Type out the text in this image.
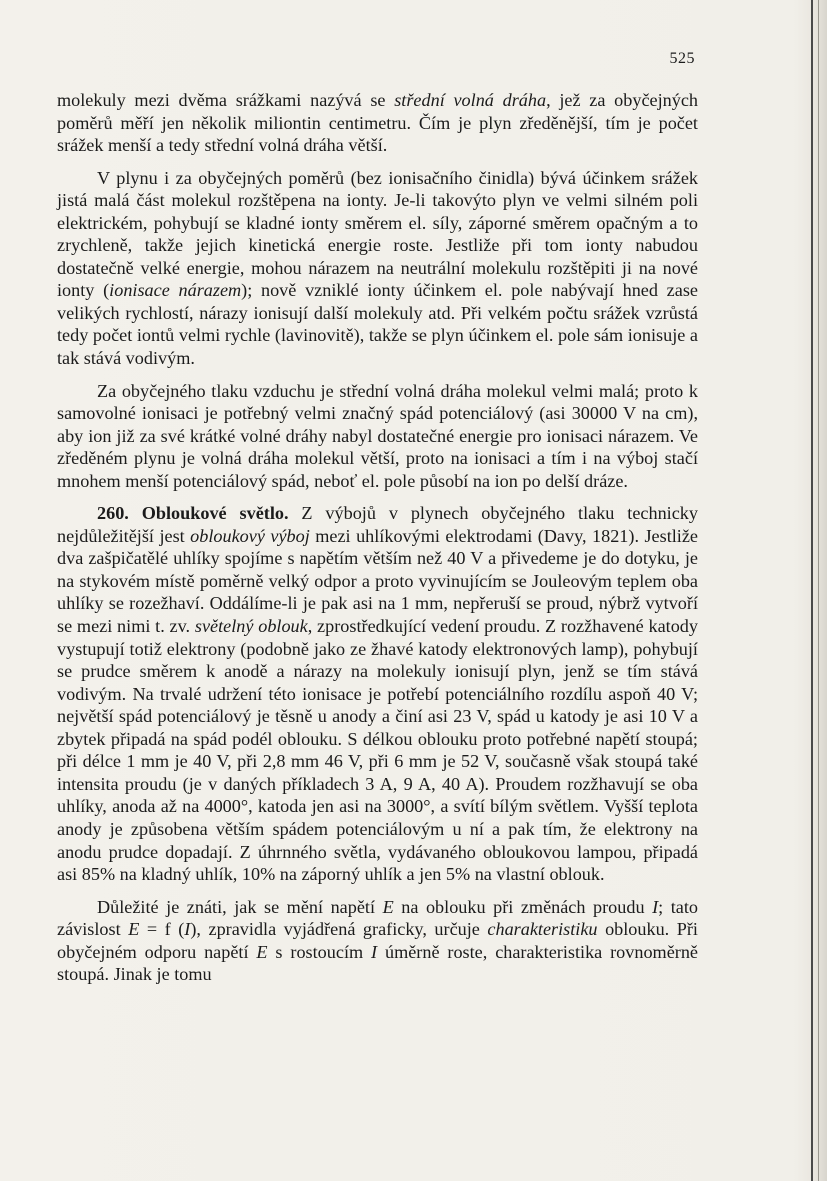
525

molekuly mezi dvěma srážkami nazývá se střední volná dráha, jež za obyčejných poměrů měří jen několik miliontin centimetru. Čím je plyn zředěnější, tím je počet srážek menší a tedy střední volná dráha větší.

V plynu i za obyčejných poměrů (bez ionisačního činidla) bývá účinkem srážek jistá malá část molekul rozštěpena na ionty. Je-li takovýto plyn ve velmi silném poli elektrickém, pohybují se kladné ionty směrem el. síly, záporné směrem opačným a to zrychleně, takže jejich kinetická energie roste. Jestliže při tom ionty nabudou dostatečně velké energie, mohou nárazem na neutrální molekulu rozštěpiti ji na nové ionty (ionisace nárazem); nově vzniklé ionty účinkem el. pole nabývají hned zase velikých rychlostí, nárazy ionisují další molekuly atd. Při velkém počtu srážek vzrůstá tedy počet iontů velmi rychle (lavinovitě), takže se plyn účinkem el. pole sám ionisuje a tak stává vodivým.

Za obyčejného tlaku vzduchu je střední volná dráha molekul velmi malá; proto k samovolné ionisaci je potřebný velmi značný spád potenciálový (asi 30000 V na cm), aby ion již za své krátké volné dráhy nabyl dostatečné energie pro ionisaci nárazem. Ve zředěném plynu je volná dráha molekul větší, proto na ionisaci a tím i na výboj stačí mnohem menší potenciálový spád, neboť el. pole působí na ion po delší dráze.

260. Obloukové světlo. Z výbojů v plynech obyčejného tlaku technicky nejdůležitější jest obloukový výboj mezi uhlíkovými elektrodami (Davy, 1821). Jestliže dva zašpičatělé uhlíky spojíme s napětím větším než 40 V a přivedeme je do dotyku, je na stykovém místě poměrně velký odpor a proto vyvinujícím se Jouleovým teplem oba uhlíky se rozežhaví. Oddálíme-li je pak asi na 1 mm, nepřeruší se proud, nýbrž vytvoří se mezi nimi t. zv. světelný oblouk, zprostředkující vedení proudu. Z rozžhavené katody vystupují totiž elektrony (podobně jako ze žhavé katody elektronových lamp), pohybují se prudce směrem k anodě a nárazy na molekuly ionisují plyn, jenž se tím stává vodivým. Na trvalé udržení této ionisace je potřebí potenciálního rozdílu aspoň 40 V; největší spád potenciálový je těsně u anody a činí asi 23 V, spád u katody je asi 10 V a zbytek připadá na spád podél oblouku. S délkou oblouku proto potřebné napětí stoupá; při délce 1 mm je 40 V, při 2,8 mm 46 V, při 6 mm je 52 V, současně však stoupá také intensita proudu (je v daných příkladech 3 A, 9 A, 40 A). Proudem rozžhavují se oba uhlíky, anoda až na 4000°, katoda jen asi na 3000°, a svítí bílým světlem. Vyšší teplota anody je způsobena větším spádem potenciálovým u ní a pak tím, že elektrony na anodu prudce dopadají. Z úhrnného světla, vydávaného obloukovou lampou, připadá asi 85% na kladný uhlík, 10% na záporný uhlík a jen 5% na vlastní oblouk.

Důležité je znáti, jak se mění napětí E na oblouku při změnách proudu I; tato závislost E = f (I), zpravidla vyjádřená graficky, určuje charakteristiku oblouku. Při obyčejném odporu napětí E s rostoucím I úměrně roste, charakteristika rovnoměrně stoupá. Jinak je tomu
